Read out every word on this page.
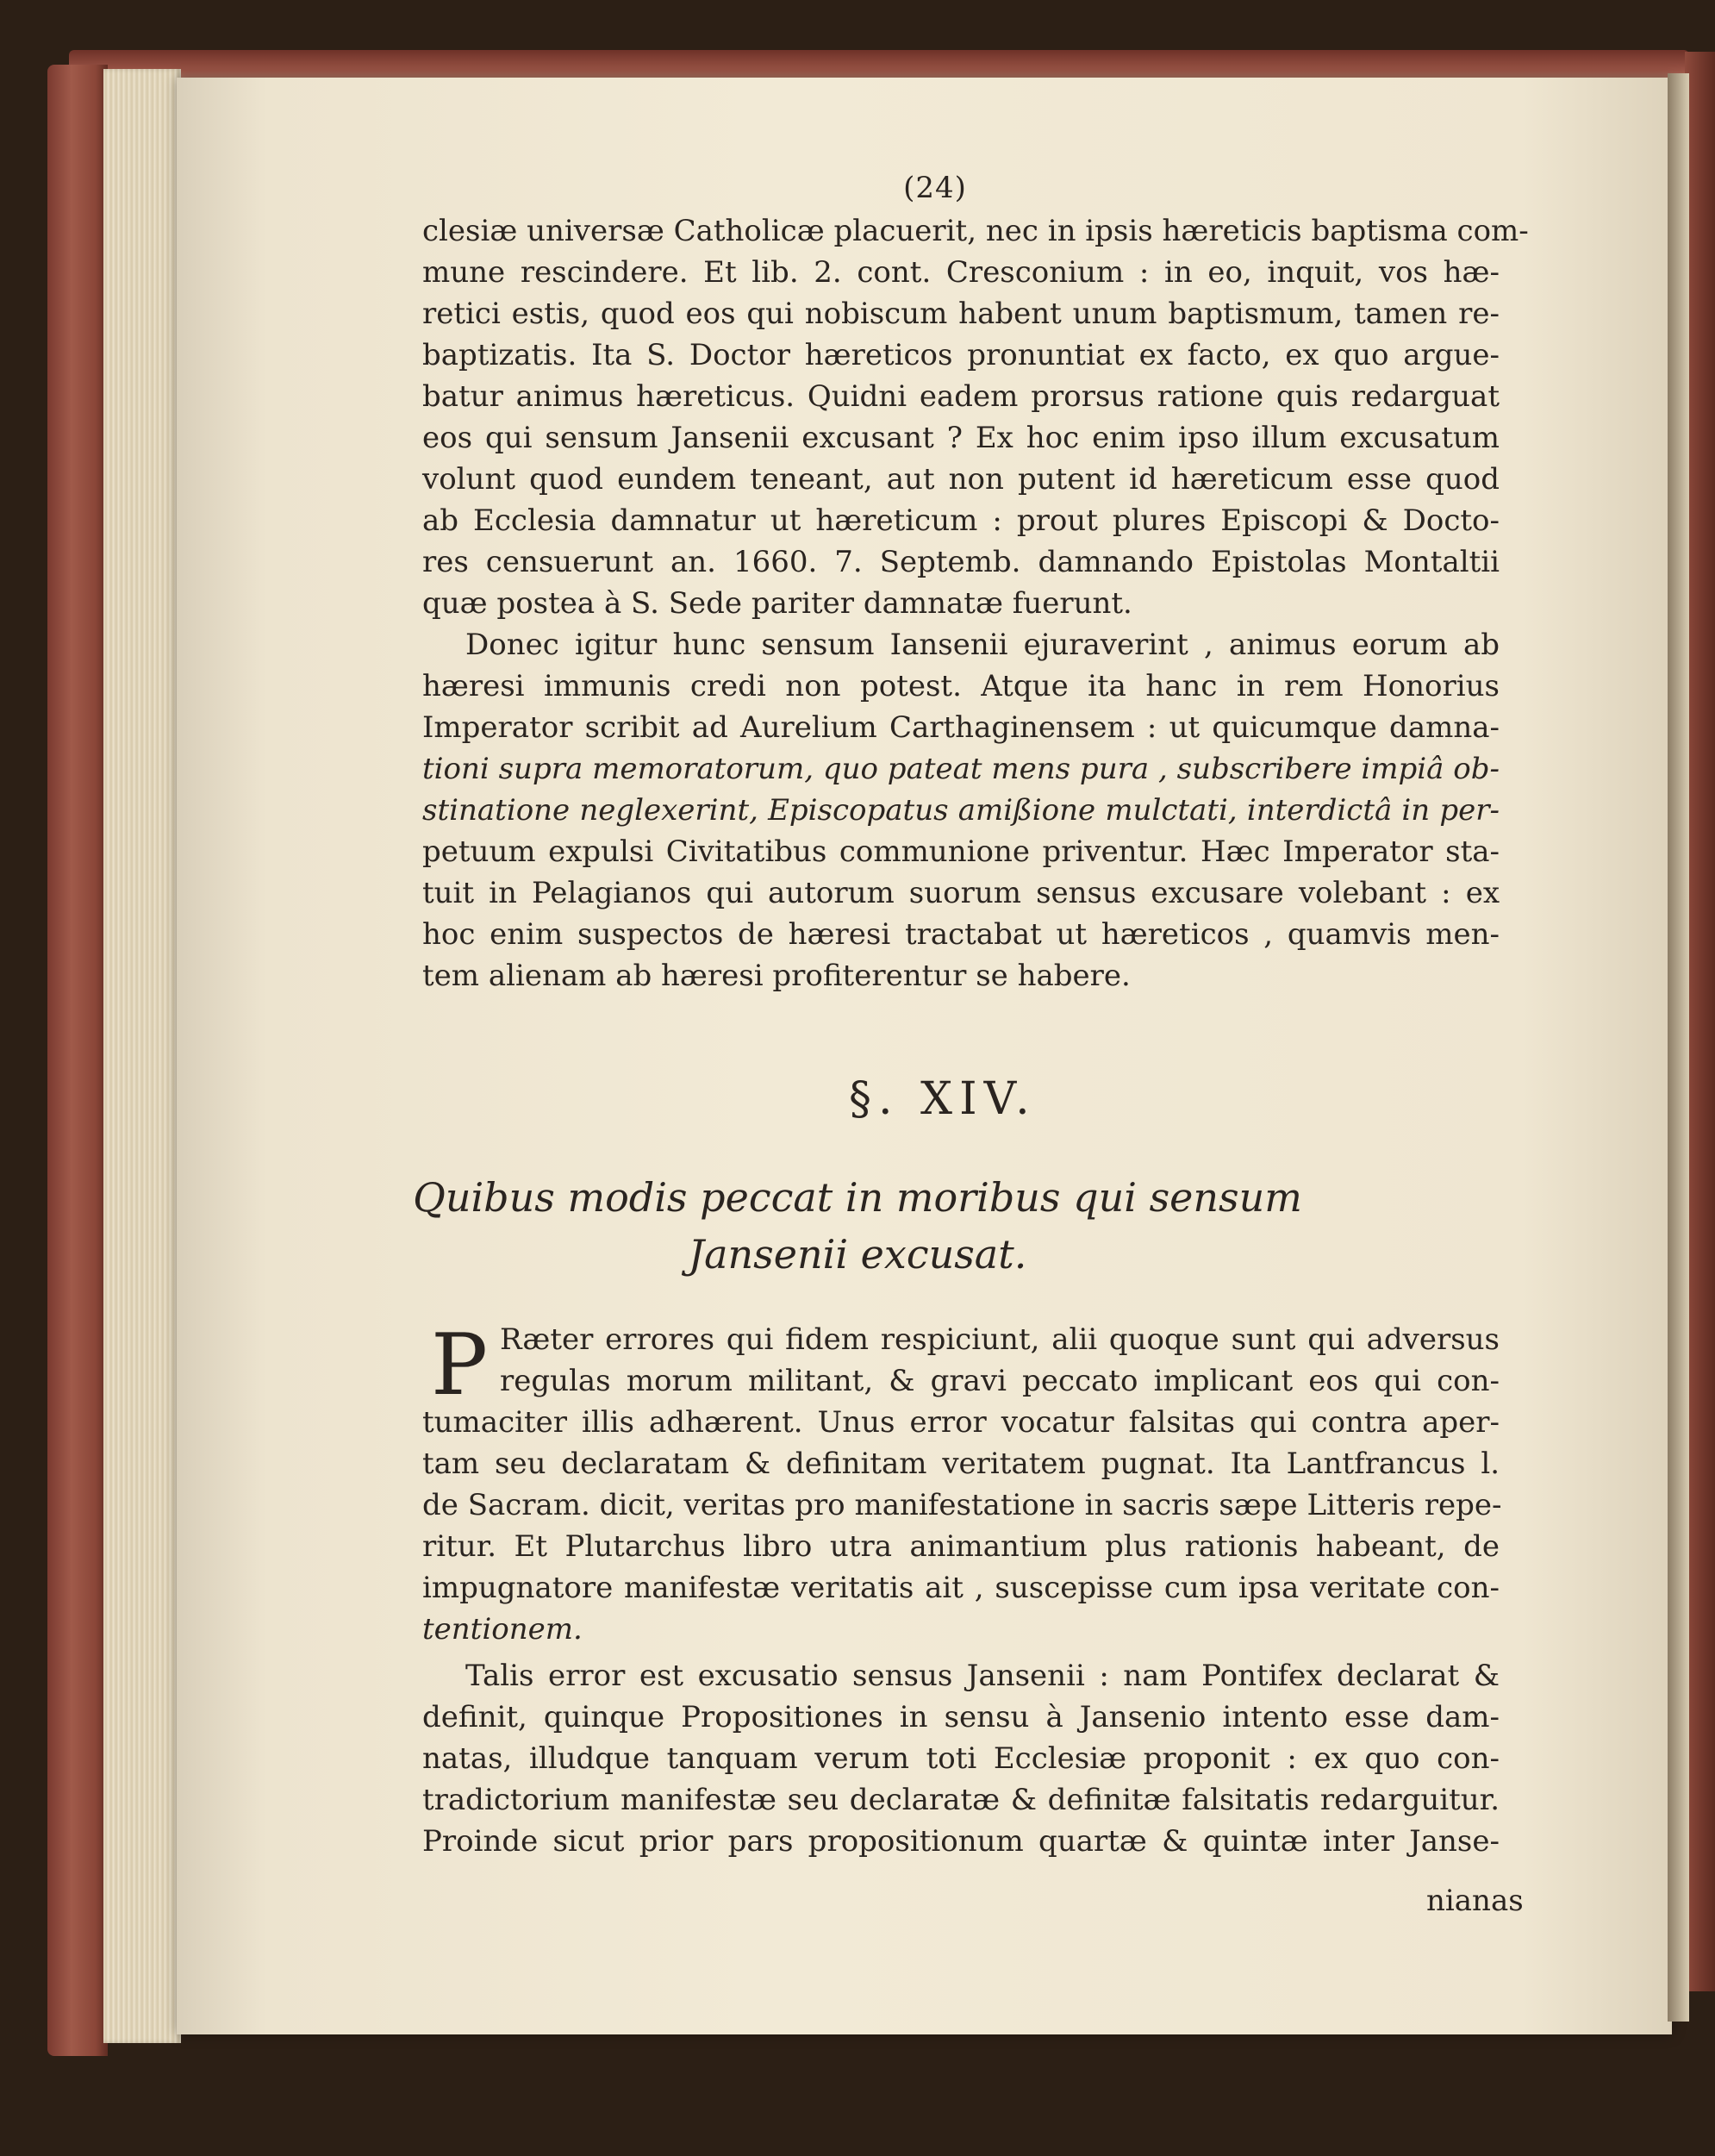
(24)
clesiæ universæ Catholicæ placuerit, nec in ipsis hæreticis baptisma com-
mune rescindere. Et lib. 2. cont. Cresconium : in eo, inquit, vos hæ-
retici estis, quod eos qui nobiscum habent unum baptismum, tamen re-
baptizatis. Ita S. Doctor hæreticos pronuntiat ex facto, ex quo argue-
batur animus hæreticus. Quidni eadem prorsus ratione quis redarguat
eos qui sensum Jansenii excusant ? Ex hoc enim ipso illum excusatum
volunt quod eundem teneant, aut non putent id hæreticum esse quod
ab Ecclesia damnatur ut hæreticum : prout plures Episcopi & Docto-
res censuerunt an. 1660. 7. Septemb. damnando Epistolas Montaltii
quæ postea à S. Sede pariter damnatæ fuerunt.
Donec igitur hunc sensum Iansenii ejuraverint , animus eorum ab
hæresi immunis credi non potest. Atque ita hanc in rem Honorius
Imperator scribit ad Aurelium Carthaginensem : ut quicumque damna-
tioni supra memoratorum, quo pateat mens pura , subscribere impiâ ob-
stinatione neglexerint, Episcopatus amißione mulctati, interdictâ in per-
petuum expulsi Civitatibus communione priventur. Hæc Imperator sta-
tuit in Pelagianos qui autorum suorum sensus excusare volebant : ex
hoc enim suspectos de hæresi tractabat ut hæreticos , quamvis men-
tem alienam ab hæresi profiterentur se habere.
§. XIV.
Quibus modis peccat in moribus qui sensum
Jansenii excusat.
P Ræter errores qui fidem respiciunt, alii quoque sunt qui adversus
regulas morum militant, & gravi peccato implicant eos qui con-
tumaciter illis adhærent. Unus error vocatur falsitas qui contra aper-
tam seu declaratam & definitam veritatem pugnat. Ita Lantfrancus l.
de Sacram. dicit, veritas pro manifestatione in sacris sæpe Litteris repe-
ritur. Et Plutarchus libro utra animantium plus rationis habeant, de
impugnatore manifestæ veritatis ait , suscepisse cum ipsa veritate con-
tentionem.
Talis error est excusatio sensus Jansenii : nam Pontifex declarat &
definit, quinque Propositiones in sensu à Jansenio intento esse dam-
natas, illudque tanquam verum toti Ecclesiæ proponit : ex quo con-
tradictorium manifestæ seu declaratæ & definitæ falsitatis redarguitur.
Proinde sicut prior pars propositionum quartæ & quintæ inter Janse-
nianas
